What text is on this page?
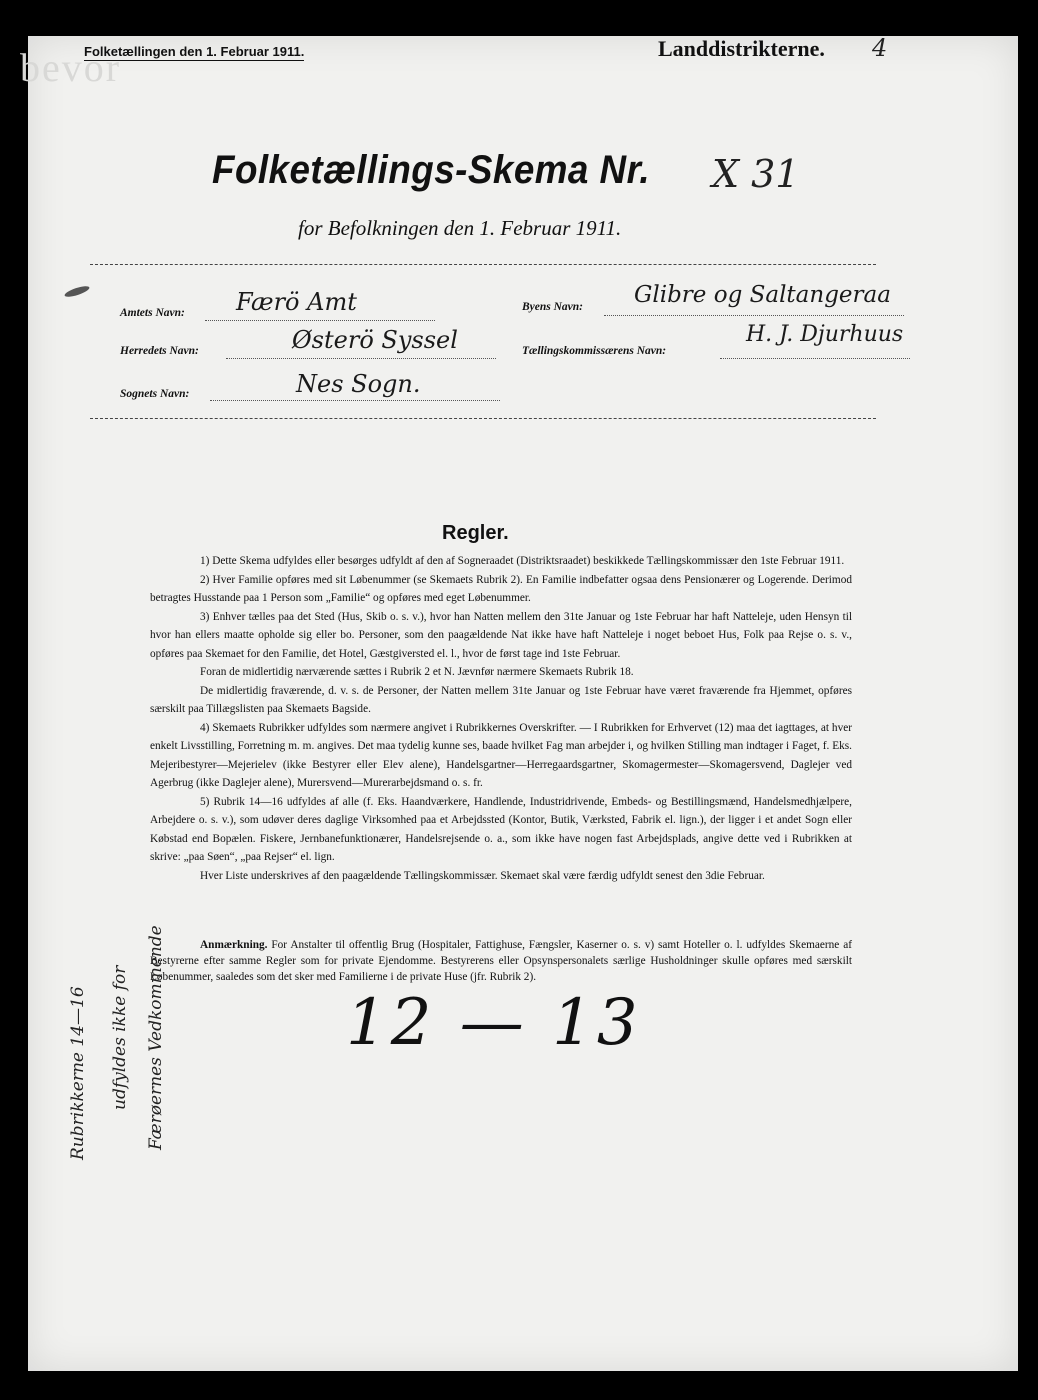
bevor
Folketællingen den 1. Februar 1911.	Landdistrikterne. 4
Folketællings-Skema Nr. X 31
for Befolkningen den 1. Februar 1911.
Amtets Navn: Færö Amt
Herredets Navn:	Østerö Syssel
Sognets Navn:	Nes Sogn.
Byens Navn: Glibre og Saltangeraa
Tællingskommissærens Navn:
H. J. Djurhuus
Regler.

1) Dette Skema udfyldes eller besørges udfyldt af den af Sogneraadet (Distriktsraadet) beskikkede Tællingskommissær den 1ste Februar 1911.

2) Hver Familie opføres med sit Løbenummer (se Skemaets Rubrik 2). En Familie indbefatter ogsaa dens Pensionærer og Logerende. Derimod betragtes Husstande paa 1 Person som „Familie“ og opføres med eget Løbenummer.

3) Enhver tælles paa det Sted (Hus, Skib o. s. v.), hvor han Natten mellem den 31te Januar og 1ste Februar har haft Natteleje, uden Hensyn til hvor han ellers maatte opholde sig eller bo. Personer, som den paagældende Nat ikke have haft Natteleje i noget beboet Hus, Folk paa Rejse o. s. v., opføres paa Skemaet for den Familie, det Hotel, Gæstgiversted el. l., hvor de først tage ind 1ste Februar.

Foran de midlertidig nærværende sættes i Rubrik 2 et N. Jævnfør nærmere Skemaets Rubrik 18.

De midlertidig fraværende, d. v. s. de Personer, der Natten mellem 31te Januar og 1ste Februar have været fraværende fra Hjemmet, opføres særskilt paa Tillægslisten paa Skemaets Bagside.

4) Skemaets Rubrikker udfyldes som nærmere angivet i Rubrikkernes Overskrifter. — I Rubrikken for Erhvervet (12) maa det iagttages, at hver enkelt Livsstilling, Forretning m. m. angives. Det maa tydelig kunne ses, baade hvilket Fag man arbejder i, og hvilken Stilling man indtager i Faget, f. Eks. Mejeribestyrer—Mejerielev (ikke Bestyrer eller Elev alene), Handelsgartner—Herregaardsgartner, Skomagermester—Skomagersvend, Daglejer ved Agerbrug (ikke Daglejer alene), Murersvend—Murerarbejdsmand o. s. fr.

5) Rubrik 14—16 udfyldes af alle (f. Eks. Haandværkere, Handlende, Industridrivende, Embeds- og Bestillingsmænd, Handelsmedhjælpere, Arbejdere o. s. v.), som udøver deres daglige Virksomhed paa et Arbejdssted (Kontor, Butik, Værksted, Fabrik el. lign.), der ligger i et andet Sogn eller Købstad end Bopælen. Fiskere, Jernbanefunktionærer, Handelsrejsende o. a., som ikke have nogen fast Arbejdsplads, angive dette ved i Rubrikken at skrive: „paa Søen“, „paa Rejser“ el. lign.

Hver Liste underskrives af den paagældende Tællingskommissær. Skemaet skal være færdig udfyldt senest den 3die Februar.

Anmærkning. For Anstalter til offentlig Brug (Hospitaler, Fattighuse, Fængsler, Kaserner o. s. v) samt Hoteller o. l. udfyldes Skemaerne af Bestyrerne efter samme Regler som for private Ejendomme. Bestyrerens eller Opsynspersonalets særlige Husholdninger skulle opføres med særskilt Løbenummer, saaledes som det sker med Familierne i de private Huse (jfr. Rubrik 2).

Rubrikkerne 14—16 udfyldes ikke for Færøernes Vedkommende	12 — 13
